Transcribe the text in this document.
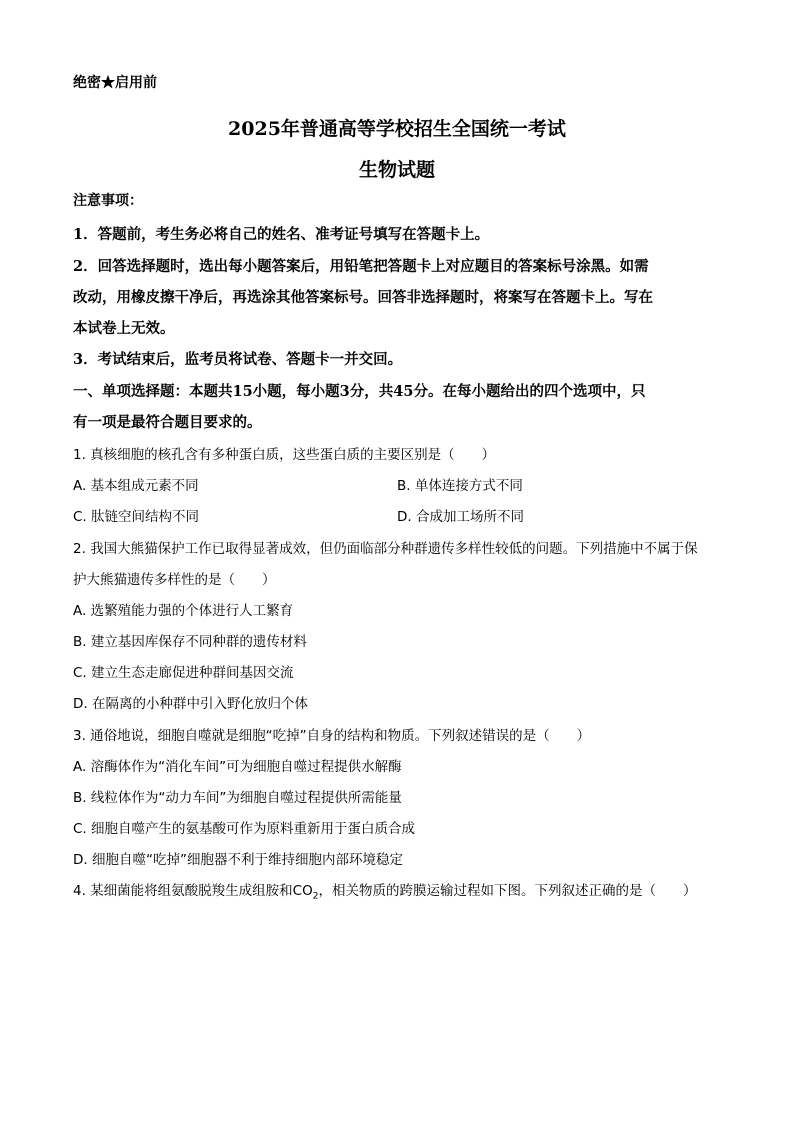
绝密★启用前
2025年普通高等学校招生全国统一考试
生物试题
注意事项：
1．答题前，考生务必将自己的姓名、准考证号填写在答题卡上。
2．回答选择题时，选出每小题答案后，用铅笔把答题卡上对应题目的答案标号涂黑。如需
改动，用橡皮擦干净后，再选涂其他答案标号。回答非选择题时，将案写在答题卡上。写在
本试卷上无效。
3．考试结束后，监考员将试卷、答题卡一并交回。
一、单项选择题：本题共15小题，每小题3分，共45分。在每小题给出的四个选项中，只
有一项是最符合题目要求的。
1. 真核细胞的核孔含有多种蛋白质，这些蛋白质的主要区别是（　　）
A. 基本组成元素不同	B. 单体连接方式不同
C. 肽链空间结构不同	D. 合成加工场所不同
2. 我国大熊猫保护工作已取得显著成效，但仍面临部分种群遗传多样性较低的问题。下列措施中不属于保
护大熊猫遗传多样性的是（　　）
A. 选繁殖能力强的个体进行人工繁育
B. 建立基因库保存不同种群的遗传材料
C. 建立生态走廊促进种群间基因交流
D. 在隔离的小种群中引入野化放归个体
3. 通俗地说，细胞自噬就是细胞“吃掉”自身的结构和物质。下列叙述错误的是（　　）
A. 溶酶体作为“消化车间”可为细胞自噬过程提供水解酶
B. 线粒体作为“动力车间”为细胞自噬过程提供所需能量
C. 细胞自噬产生的氨基酸可作为原料重新用于蛋白质合成
D. 细胞自噬“吃掉”细胞器不利于维持细胞内部环境稳定
4. 某细菌能将组氨酸脱羧生成组胺和$CO_2$，相关物质的跨膜运输过程如下图。下列叙述正确的是（　　）
